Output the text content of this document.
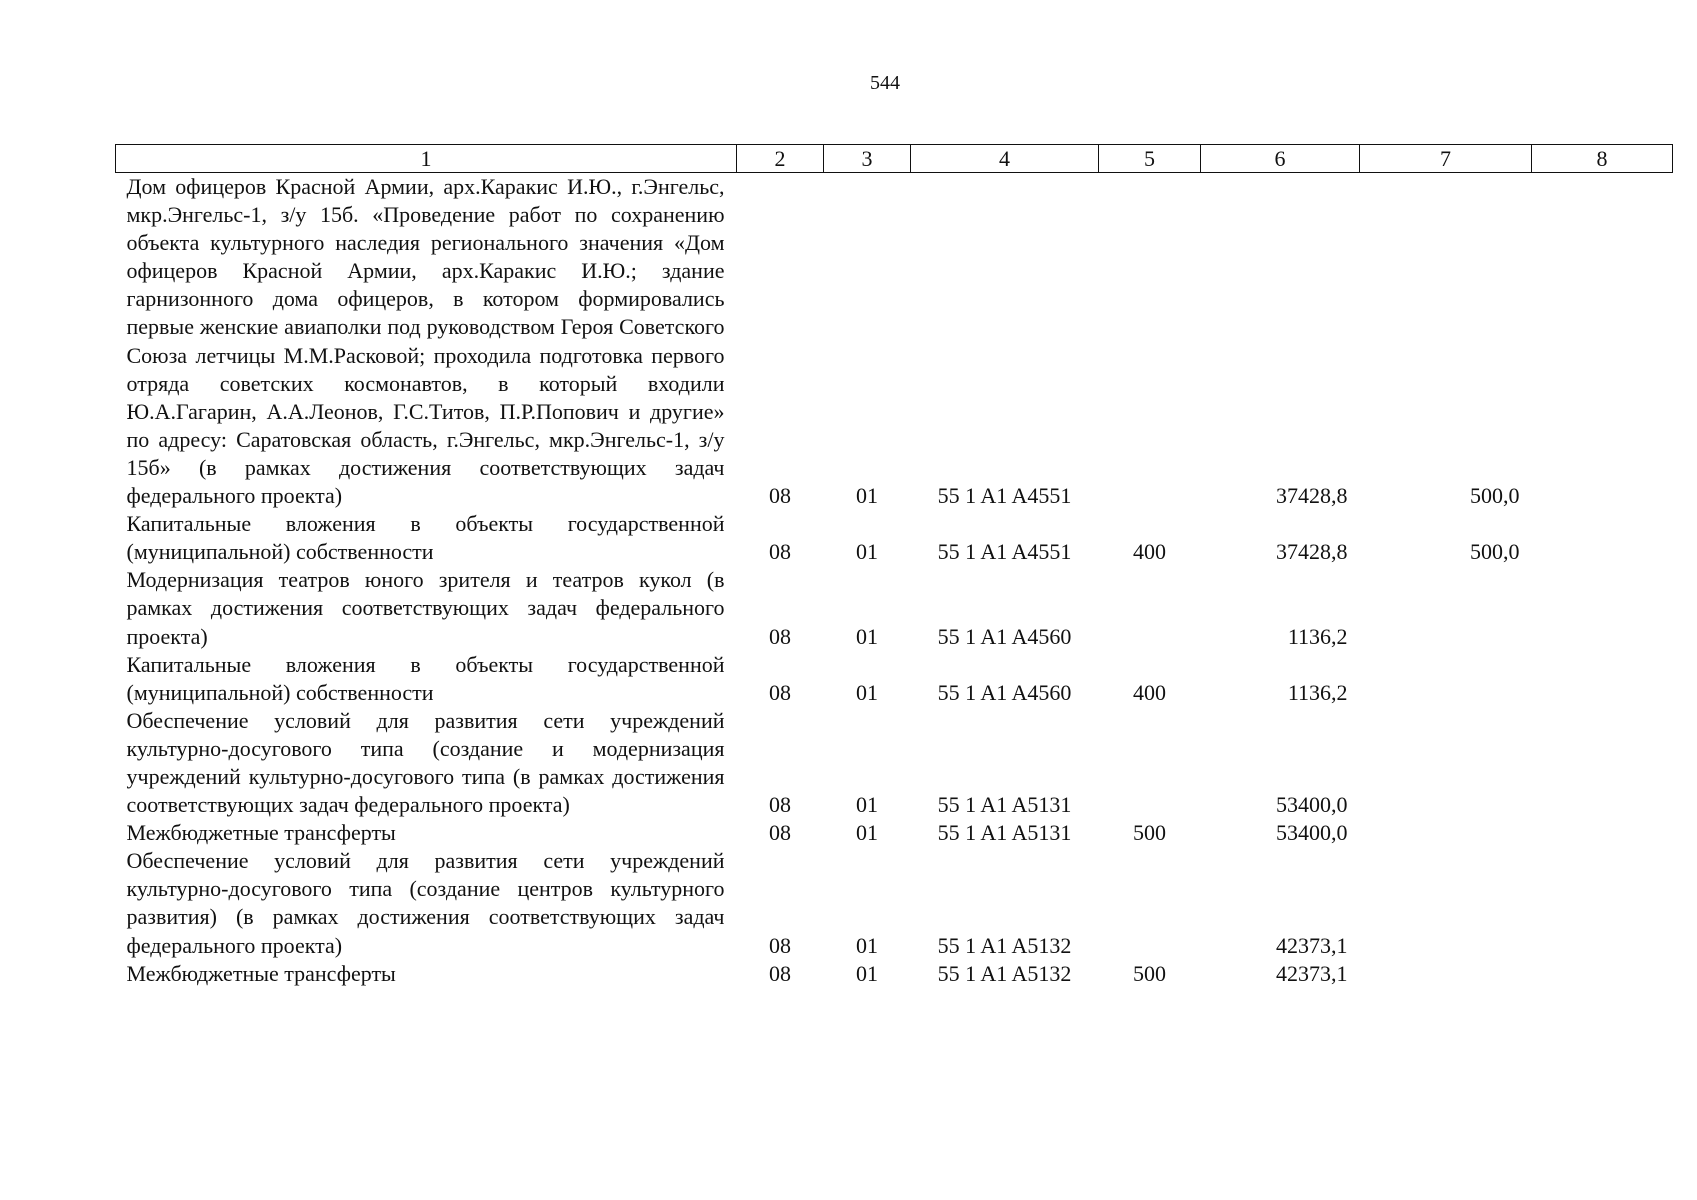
544
1	2	3	4	5	6	7	8
Дом офицеров Красной Армии, арх.Каракис И.Ю., г.Энгельс, мкр.Энгельс-1, з/у 15б. «Проведение работ по сохранению объекта культурного наследия регионального значения «Дом офицеров Красной Армии, арх.Каракис И.Ю.; здание гарнизонного дома офицеров, в котором формировались первые женские авиаполки под руководством Героя Советского Союза летчицы М.М.Расковой; проходила подготовка первого отряда советских космонавтов, в который входили Ю.А.Гагарин, А.А.Леонов, Г.С.Титов, П.Р.Попович и другие» по адресу: Саратовская область, г.Энгельс, мкр.Энгельс-1, з/у 15б» (в рамках достижения соответствующих задач федерального проекта)	08	01	55 1 A1 A4551		37428,8	500,0	
Капитальные вложения в объекты государственной (муниципальной) собственности	08	01	55 1 A1 A4551	400	37428,8	500,0	
Модернизация театров юного зрителя и театров кукол (в рамках достижения соответствующих задач федерального проекта)	08	01	55 1 A1 A4560		1136,2		
Капитальные вложения в объекты государственной (муниципальной) собственности	08	01	55 1 A1 A4560	400	1136,2		
Обеспечение условий для развития сети учреждений культурно-досугового типа (создание и модернизация учреждений культурно-досугового типа (в рамках достижения соответствующих задач федерального проекта)	08	01	55 1 A1 A5131		53400,0		
Межбюджетные трансферты	08	01	55 1 A1 A5131	500	53400,0		
Обеспечение условий для развития сети учреждений культурно-досугового типа (создание центров культурного развития) (в рамках достижения соответствующих задач федерального проекта)	08	01	55 1 A1 A5132		42373,1		
Межбюджетные трансферты	08	01	55 1 A1 A5132	500	42373,1		
